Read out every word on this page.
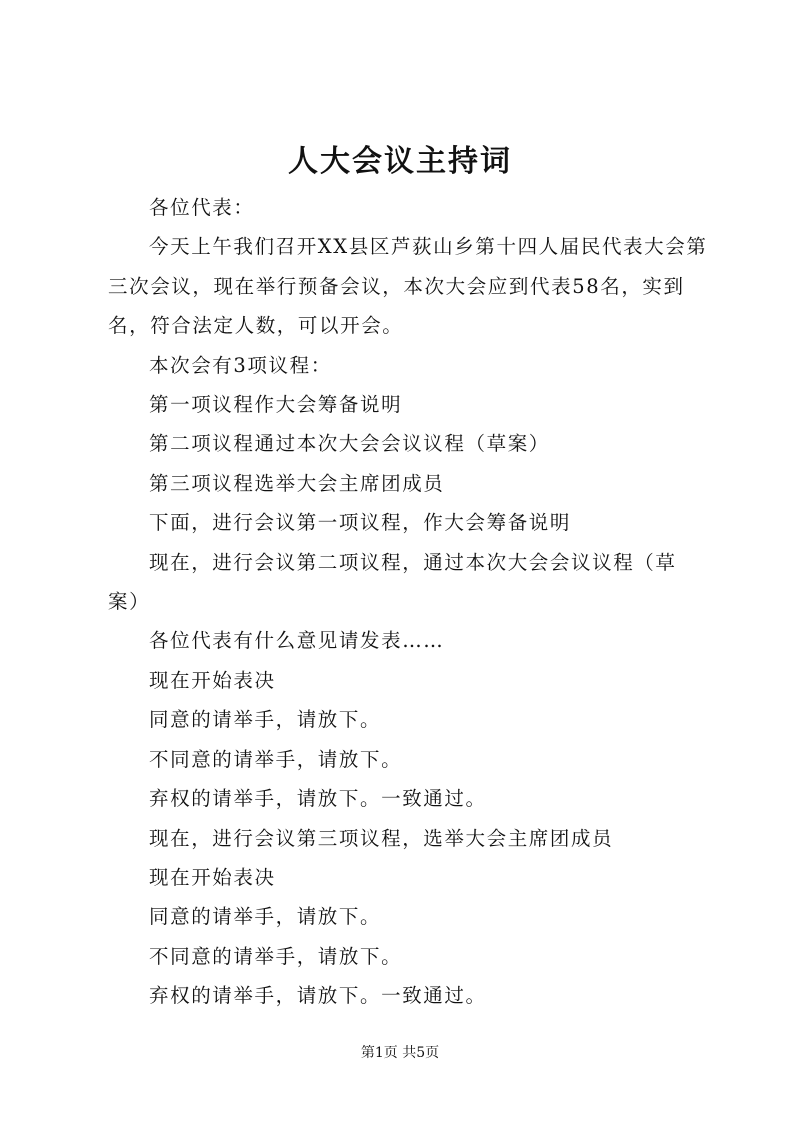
人大会议主持词

各位代表：

今天上午我们召开XX县区芦荻山乡第十四人届民代表大会第三次会议，现在举行预备会议，本次大会应到代表58名，实到名，符合法定人数，可以开会。

本次会有3项议程：

第一项议程作大会筹备说明

第二项议程通过本次大会会议议程（草案）

第三项议程选举大会主席团成员

下面，进行会议第一项议程，作大会筹备说明

现在，进行会议第二项议程，通过本次大会会议议程（草案）

各位代表有什么意见请发表……

现在开始表决

同意的请举手，请放下。

不同意的请举手，请放下。

弃权的请举手，请放下。一致通过。

现在，进行会议第三项议程，选举大会主席团成员

现在开始表决

同意的请举手，请放下。

不同意的请举手，请放下。

弃权的请举手，请放下。一致通过。

第1页 共5页
